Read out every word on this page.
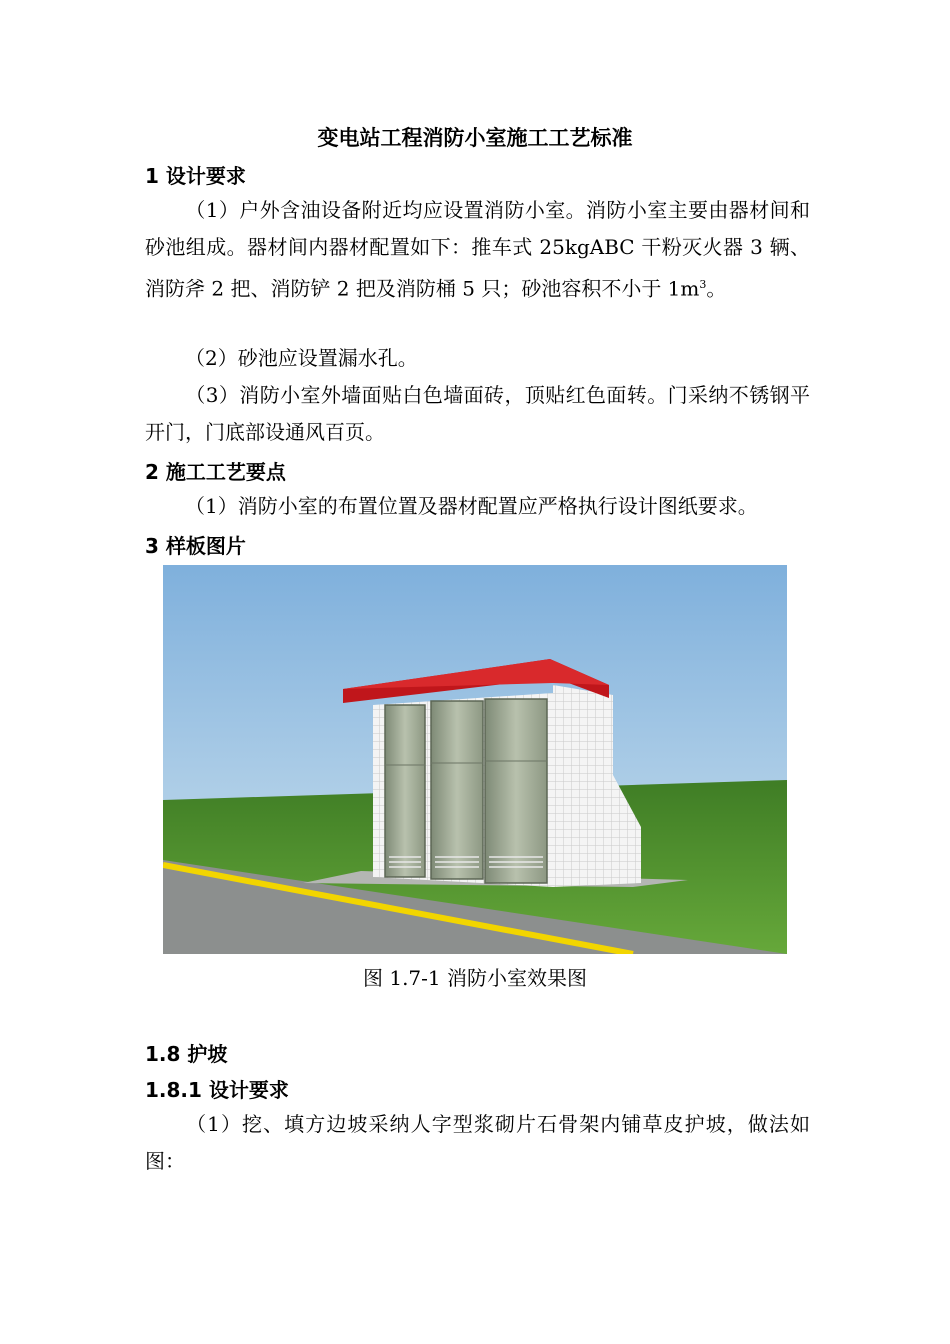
变电站工程消防小室施工工艺标准
1 设计要求
（1）户外含油设备附近均应设置消防小室。消防小室主要由器材间和砂池组成。器材间内器材配置如下：推车式 25kgABC 干粉灭火器 3 辆、消防斧 2 把、消防铲 2 把及消防桶 5 只；砂池容积不小于 $1m^3$。
（2）砂池应设置漏水孔。
（3）消防小室外墙面贴白色墙面砖，顶贴红色面转。门采纳不锈钢平开门，门底部设通风百页。
2 施工工艺要点
（1）消防小室的布置位置及器材配置应严格执行设计图纸要求。
3 样板图片
图 1.7-1 消防小室效果图
1.8 护坡
1.8.1 设计要求
（1）挖、填方边坡采纳人字型浆砌片石骨架内铺草皮护坡，做法如图：
